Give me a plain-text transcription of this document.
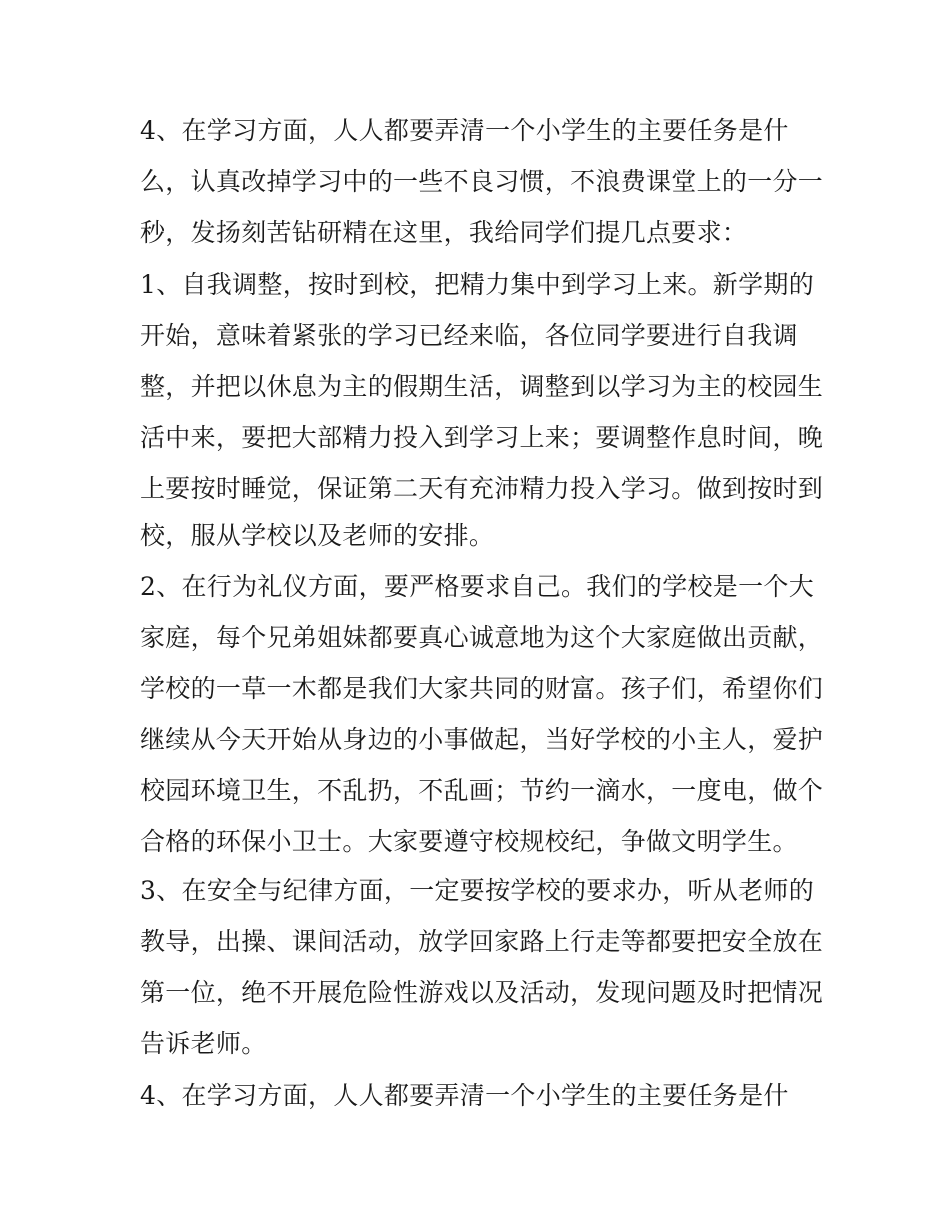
4、在学习方面，人人都要弄清一个小学生的主要任务是什
么，认真改掉学习中的一些不良习惯，不浪费课堂上的一分一
秒，发扬刻苦钻研精在这里，我给同学们提几点要求：
1、自我调整，按时到校，把精力集中到学习上来。新学期的
开始，意味着紧张的学习已经来临，各位同学要进行自我调
整，并把以休息为主的假期生活，调整到以学习为主的校园生
活中来，要把大部精力投入到学习上来；要调整作息时间，晚
上要按时睡觉，保证第二天有充沛精力投入学习。做到按时到
校，服从学校以及老师的安排。
2、在行为礼仪方面，要严格要求自己。我们的学校是一个大
家庭，每个兄弟姐妹都要真心诚意地为这个大家庭做出贡献，
学校的一草一木都是我们大家共同的财富。孩子们，希望你们
继续从今天开始从身边的小事做起，当好学校的小主人，爱护
校园环境卫生，不乱扔，不乱画；节约一滴水，一度电，做个
合格的环保小卫士。大家要遵守校规校纪，争做文明学生。
3、在安全与纪律方面，一定要按学校的要求办，听从老师的
教导，出操、课间活动，放学回家路上行走等都要把安全放在
第一位，绝不开展危险性游戏以及活动，发现问题及时把情况
告诉老师。
4、在学习方面，人人都要弄清一个小学生的主要任务是什
